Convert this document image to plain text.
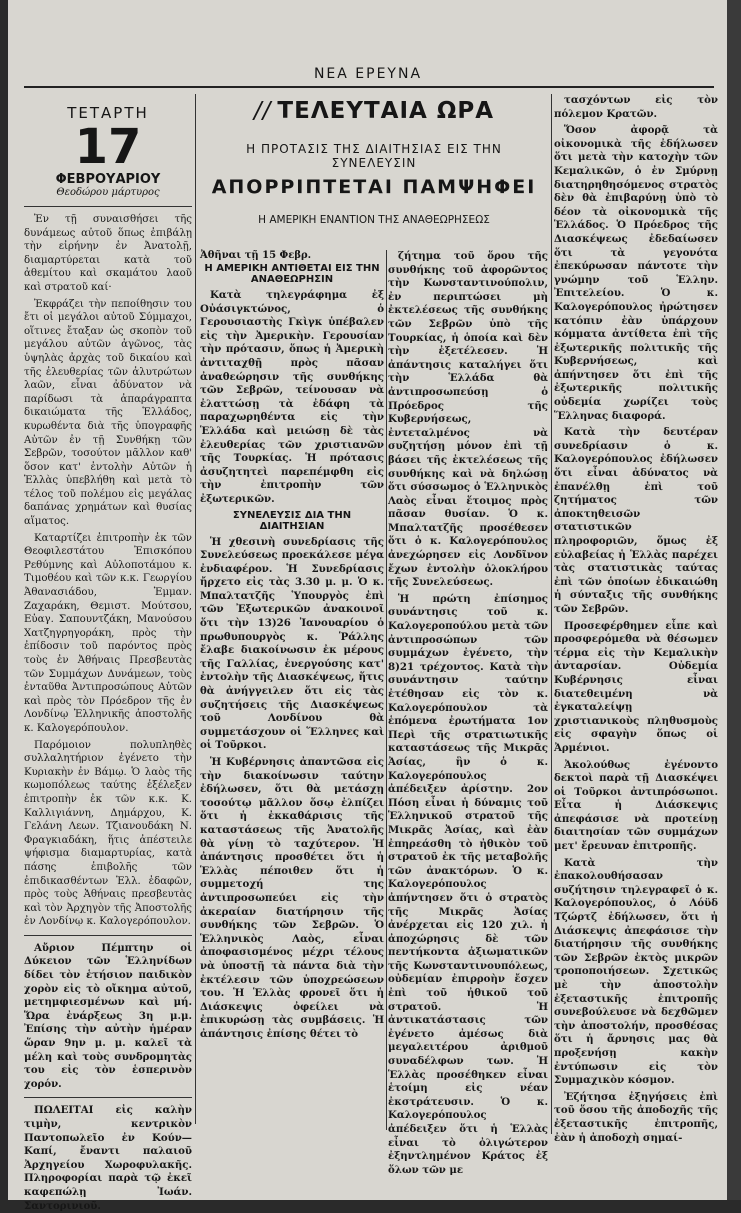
ΝΕΑ ΕΡΕΥΝΑ
ΤΕΤΑΡΤΗ
17
ΦΕΒΡΟΥΑΡΙΟΥ
Θεοδώρου μάρτυρος

Ἐν τῇ συναισθήσει τῆς δυνάμεως αὐτοῦ ὅπως ἐπιβάλῃ τὴν εἰρήνην ἐν Ἀνατολῇ, διαμαρτύρεται κατὰ τοῦ ἀθεμίτου καὶ σκαμάτου λαοῦ καὶ στρατοῦ καί·

Ἐκφράζει τὴν πεποίθησιν του ἔτι οἱ μεγάλοι αὐτοῦ Σύμμαχοι, οἵτινες ἔταξαν ὡς σκοπὸν τοῦ μεγάλου αὐτῶν ἀγῶνος, τὰς ὑψηλὰς ἀρχὰς τοῦ δικαίου καὶ τῆς ἐλευθερίας τῶν ἀλυτρώτων λαῶν, εἶναι ἀδύνατον νὰ παρίδωσι τὰ ἀπαράγραπτα δικαιώματα τῆς Ἑλλάδος, κυρωθέντα διὰ τῆς ὑπογραφῆς Αὐτῶν ἐν τῇ Συνθήκῃ τῶν Σεβρῶν, τοσούτον μᾶλλον καθ' ὅσον κατ' ἐντολὴν Αὐτῶν ἡ Ἑλλὰς ὑπεβλήθη καὶ μετὰ τὸ τέλος τοῦ πολέμου εἰς μεγάλας δαπάνας χρημάτων καὶ θυσίας αἵματος.

Καταρτίζει ἐπιτροπὴν ἐκ τῶν Θεοφιλεστάτου Ἐπισκόπου Ρεθύμνης καὶ Αὐλοποτάμου κ. Τιμοθέου καὶ τῶν κ.κ. Γεωργίου Ἀθανασιάδου, Ἐμμαν. Ζαχαράκη, Θεμιστ. Μούτσου, Εὐαγ. Σαπουντζάκη, Μανούσου Χατζηγρηγοράκη, πρὸς τὴν ἐπίδοσιν τοῦ παρόντος πρὸς τοὺς ἐν Ἀθήναις Πρεσβευτὰς τῶν Συμμάχων Δυνάμεων, τοὺς ἐνταῦθα Ἀντιπροσώπους Αὐτῶν καὶ πρὸς τὸν Πρόεδρον τῆς ἐν Λονδίνῳ Ἑλληνικῆς ἀποστολῆς κ. Καλογερόπουλον.

Παρόμοιον πολυπληθὲς συλλαλητήριον ἐγένετο τὴν Κυριακὴν ἐν Βάμῳ. Ὁ λαὸς τῆς κωμοπόλεως ταύτης ἐξέλεξεν ἐπιτροπὴν ἐκ τῶν κ.κ. Κ. Καλλιγιάννη, Δημάρχου, Κ. Γελάνη Λεων. Τζιανουδάκη Ν. Φραγκιαδάκη, ἥτις ἀπέστειλε ψήφισμα διαμαρτυρίας, κατὰ πάσης ἐπιβολῆς τῶν ἐπιδικασθέντων Ἑλλ. ἐδαφῶν, πρὸς τοὺς Ἀθήναις πρεσβευτὰς καὶ τὸν Ἀρχηγὸν τῆς Ἀποστολῆς ἐν Λονδίνῳ κ. Καλογερόπουλον.

Αὔριον Πέμπτην οἱ Δύκειον τῶν Ἑλληνίδων δίδει τὸν ἑτήσιον παιδικὸν χορὸν εἰς τὸ οἴκημα αὐτοῦ, μετημφιεσμένων καὶ μή. Ὥρα ἐνάρξεως 3η μ.μ. Ἐπίσης τὴν αὐτὴν ἡμέραν ὥραν 9ην μ. μ. καλεῖ τὰ μέλη καὶ τοὺς συνδρομητὰς του εἰς τὸν ἑσπερινὸν χορόν.

ΠΩΛΕΙΤΑΙ εἰς καλὴν τιμὴν, κεντρικὸν Παντοπωλεῖο ἐν Κούν—Καπί, ἔναντι παλαιοῦ Ἀρχηγείου Χωροφυλακῆς. Πληροφορίαι παρὰ τῷ ἐκεῖ καφεπώλῃ Ἰωάν. Σαντορινιοῦ.

// ΤΕΛΕΥΤΑΙΑ ΩΡΑ
Η ΠΡΟΤΑΣΙΣ ΤΗΣ ΔΙΑΙΤΗΣΙΑΣ ΕΙΣ ΤΗΝ ΣΥΝΕΛΕΥΣΙΝ
ΑΠΟΡΡΙΠΤΕΤΑΙ ΠΑΜΨΗΦΕΙ
Η ΑΜΕΡΙΚΗ ΕΝΑΝΤΙΟΝ ΤΗΣ ΑΝΑΘΕΩΡΗΣΕΩΣ
Ἀθῆναι τῇ 15 Φεβρ.
Η ΑΜΕΡΙΚΗ ΑΝΤΙΘΕΤΑΙ ΕΙΣ ΤΗΝ ΑΝΑΘΕΩΡΗΣΙΝ

Κατὰ τηλεγράφημα ἐξ Οὐάσιγκτώνος, ὁ Γερουσιαστὴς Γκὶγκ ὑπέβαλεν εἰς τὴν Ἀμερικὴν. Γερουσίαν τὴν πρότασιν, ὅπως ἡ Ἀμερικὴ ἀντιταχθῇ πρὸς πᾶσαν ἀναθεώρησιν τῆς συνθήκης τῶν Σεβρῶν, τείνουσαν νὰ ἐλαττώσῃ τὰ ἐδάφη τὰ παραχωρηθέντα εἰς τὴν Ἑλλάδα καὶ μειώσῃ δὲ τὰς ἐλευθερίας τῶν χριστιανῶν τῆς Τουρκίας. Ἡ πρότασις ἀσυζητητεὶ παρεπέμφθη εἰς τὴν ἐπιτροπὴν τῶν ἐξωτερικῶν.

ΣΥΝΕΛΕΥΣΙΣ ΔΙΑ ΤΗΝ ΔΙΑΙΤΗΣΙΑΝ

Ἡ χθεσινὴ συνεδρίασις τῆς Συνελεύσεως προεκάλεσε μέγα ἐνδιαφέρον. Ἡ Συνεδρίασις ἤρχετο εἰς τὰς 3.30 μ. μ. Ὁ κ. Μπαλτατζῆς Ὑπουργὸς ἐπὶ τῶν Ἐξωτερικῶν ἀνακοινοῖ ὅτι τὴν 13)26 Ἰανουαρίου ὁ πρωθυπουργὸς κ. Ῥάλλης ἔλαβε διακοίνωσιν ἐκ μέρους τῆς Γαλλίας, ἐνεργούσης κατ' ἐντολὴν τῆς Διασκέψεως, ἥτις θὰ ἀνήγγειλεν ὅτι εἰς τὰς συζητήσεις τῆς Διασκέψεως τοῦ Λονδίνου θὰ συμμετάσχουν οἱ Ἕλληνες καὶ οἱ Τοῦρκοι.

Ἡ Κυβέρνησις ἀπαντῶσα εἰς τὴν διακοίνωσιν ταύτην ἐδήλωσεν, ὅτι θὰ μετάσχῃ τοσούτῳ μᾶλλον ὅσῳ ἐλπίζει ὅτι ἡ ἐκκαθάρισις τῆς καταστάσεως τῆς Ἀνατολῆς θὰ γίνῃ τὸ ταχύτερον. Ἡ ἀπάντησις προσθέτει ὅτι ἡ Ἑλλὰς πέποιθεν ὅτι ἡ συμμετοχή της ἀντιπροσωπεύει εἰς τὴν ἀκεραίαν διατήρησιν τῆς συνθήκης τῶν Σεβρῶν. Ὁ Ἑλληνικὸς Λαὸς, εἶναι ἀποφασισμένος μέχρι τέλους νὰ ὑποστῇ τὰ πάντα διὰ τὴν ἐκτέλεσιν τῶν ὑποχρεώσεων του. Ἡ Ἑλλὰς φρονεῖ ὅτι ἡ Διάσκεψις ὀφείλει νὰ ἐπικυρώσῃ τὰς συμβάσεις. Ἡ ἀπάντησις ἐπίσης θέτει τὸ

ζήτημα τοῦ ὅρου τῆς συνθήκης τοῦ ἀφορῶντος τὴν Κωνσταντινούπολιν, ἐν περιπτώσει μὴ ἐκτελέσεως τῆς συνθήκης τῶν Σεβρῶν ὑπὸ τῆς Τουρκίας, ἡ ὁποία καὶ δὲν τὴν ἐξετέλεσεν. Ἡ ἀπάντησις καταλήγει ὅτι τὴν Ἑλλάδα θὰ ἀντιπροσωπεύσῃ ὁ Πρόεδρος τῆς Κυβερνήσεως, ἐντεταλμένος νὰ συζητήσῃ μόνον ἐπὶ τῇ βάσει τῆς ἐκτελέσεως τῆς συνθήκης καὶ νὰ δηλώσῃ ὅτι σύσσωμος ὁ Ἑλληνικὸς Λαὸς εἶναι ἕτοιμος πρὸς πᾶσαν θυσίαν. Ὁ κ. Μπαλτατζῆς προσέθεσεν ὅτι ὁ κ. Καλογερόπουλος ἀνεχώρησεν εἰς Λονδῖνον ἔχων ἐντολὴν ὁλοκλήρου τῆς Συνελεύσεως.

Ἡ πρώτη ἐπίσημος συνάντησις τοῦ κ. Καλογεροπούλου μετὰ τῶν ἀντιπροσώπων τῶν συμμάχων ἐγένετο, τὴν 8)21 τρέχοντος. Κατὰ τὴν συνάντησιν ταύτην ἐτέθησαν εἰς τὸν κ. Καλογερόπουλον τὰ ἑπόμενα ἐρωτήματα 1ον Περὶ τῆς στρατιωτικῆς καταστάσεως τῆς Μικρᾶς Ἀσίας, ἣν ὁ κ. Καλογερόπουλος ἀπέδειξεν ἀρίστην. 2ον Πόση εἶναι ἡ δύναμις τοῦ Ἑλληνικοῦ στρατοῦ τῆς Μικρᾶς Ἀσίας, καὶ ἐὰν ἐπηρεάσθη τὸ ἠθικὸν τοῦ στρατοῦ ἐκ τῆς μεταβολῆς τῶν ἀνακτόρων. Ὁ κ. Καλογερόπουλος ἀπήντησεν ὅτι ὁ στρατὸς τῆς Μικρᾶς Ἀσίας ἀνέρχεται εἰς 120 χιλ. ἡ ἀποχώρησις δὲ τῶν πεντήκοντα ἀξιωματικῶν τῆς Κωνσταντινουπόλεως, οὐδεμίαν ἐπιρροὴν ἔσχεν ἐπὶ τοῦ ἠθικοῦ τοῦ στρατοῦ. Ἡ ἀντικατάστασις τῶν ἐγένετο ἀμέσως διὰ μεγαλειτέρου ἀριθμοῦ συναδέλφων των. Ἡ Ἑλλὰς προσέθηκεν εἶναι ἑτοίμη εἰς νέαν ἐκστράτευσιν. Ὁ κ. Καλογερόπουλος ἀπέδειξεν ὅτι ἡ Ἑλλὰς εἶναι τὸ ὀλιγώτερον ἐξηντλημένον Κράτος ἐξ ὅλων τῶν με

τασχόντων εἰς τὸν πόλεμον Κρατῶν.

Ὅσον ἀφορᾷ τὰ οἰκονομικὰ τῆς ἐδήλωσεν ὅτι μετὰ τὴν κατοχὴν τῶν Κεμαλικῶν, ὁ ἐν Σμύρνῃ διατηρηθησόμενος στρατὸς δὲν θὰ ἐπιβαρύνῃ ὑπὸ τὸ δέον τὰ οἰκονομικὰ τῆς Ἑλλάδος. Ὁ Πρόεδρος τῆς Διασκέψεως ἐδεδαίωσεν ὅτι τὰ γεγονότα ἐπεκύρωσαν πάντοτε τὴν γνώμην τοῦ Ἑλλην. Ἐπιτελείου. Ὁ κ. Καλογερόπουλος ἠρώτησεν κατόπιν ἐὰν ὑπάρχουν κόμματα ἀντίθετα ἐπὶ τῆς ἐξωτερικῆς πολιτικῆς τῆς Κυβερνήσεως, καὶ ἀπήντησεν ὅτι ἐπὶ τῆς ἐξωτερικῆς πολιτικῆς οὐδεμία χωρίζει τοὺς Ἕλληνας διαφορά.

Κατὰ τὴν δευτέραν συνεδρίασιν ὁ κ. Καλογερόπουλος ἐδήλωσεν ὅτι εἶναι ἀδύνατος νὰ ἐπανέλθῃ ἐπὶ τοῦ ζητήματος τῶν ἀποκτηθεισῶν στατιστικῶν πληροφοριῶν, ὅμως ἐξ εὐλαβείας ἡ Ἑλλὰς παρέχει τὰς στατιστικὰς ταύτας ἐπὶ τῶν ὁποίων ἐδικαιώθη ἡ σύνταξις τῆς συνθήκης τῶν Σεβρῶν.

Προσεφέρθημεν εἶπε καὶ προσφερόμεθα νὰ θέσωμεν τέρμα εἰς τὴν Κεμαλικὴν ἀνταρσίαν. Οὐδεμία Κυβέρνησις εἶναι διατεθειμένη νὰ ἐγκαταλείψῃ χριστιανικοὺς πληθυσμοὺς εἰς σφαγὴν ὅπως οἱ Ἀρμένιοι.

Ἀκολούθως ἐγένοντο δεκτοὶ παρὰ τῇ Διασκέψει οἱ Τοῦρκοι ἀντιπρόσωποι. Εἶτα ἡ Διάσκεψις ἀπεφάσισε νὰ προτείνῃ διαιτησίαν τῶν συμμάχων μετ' ἔρευναν ἐπιτροπῆς.

Κατὰ τὴν ἐπακολουθήσασαν συζήτησιν τηλεγραφεῖ ὁ κ. Καλογερόπουλος, ὁ Λόϋδ Τζώρτζ ἐδήλωσεν, ὅτι ἡ Διάσκεψις ἀπεφάσισε τὴν διατήρησιν τῆς συνθήκης τῶν Σεβρῶν ἐκτὸς μικρῶν τροποποιήσεων. Σχετικῶς μὲ τὴν ἀποστολὴν ἐξεταστικῆς ἐπιτροπῆς συνεβούλευσε νὰ δεχθῶμεν τὴν ἀποστολήν, προσθέσας ὅτι ἡ ἄρνησις μας θὰ προξενήσῃ κακὴν ἐντύπωσιν εἰς τὸν Συμμαχικὸν κόσμον.

Ἐζήτησα ἐξηγήσεις ἐπὶ τοῦ ὅσου τῆς ἀποδοχῆς τῆς ἐξεταστικῆς ἐπιτροπῆς, ἐὰν ἡ ἀποδοχὴ σημαί-
